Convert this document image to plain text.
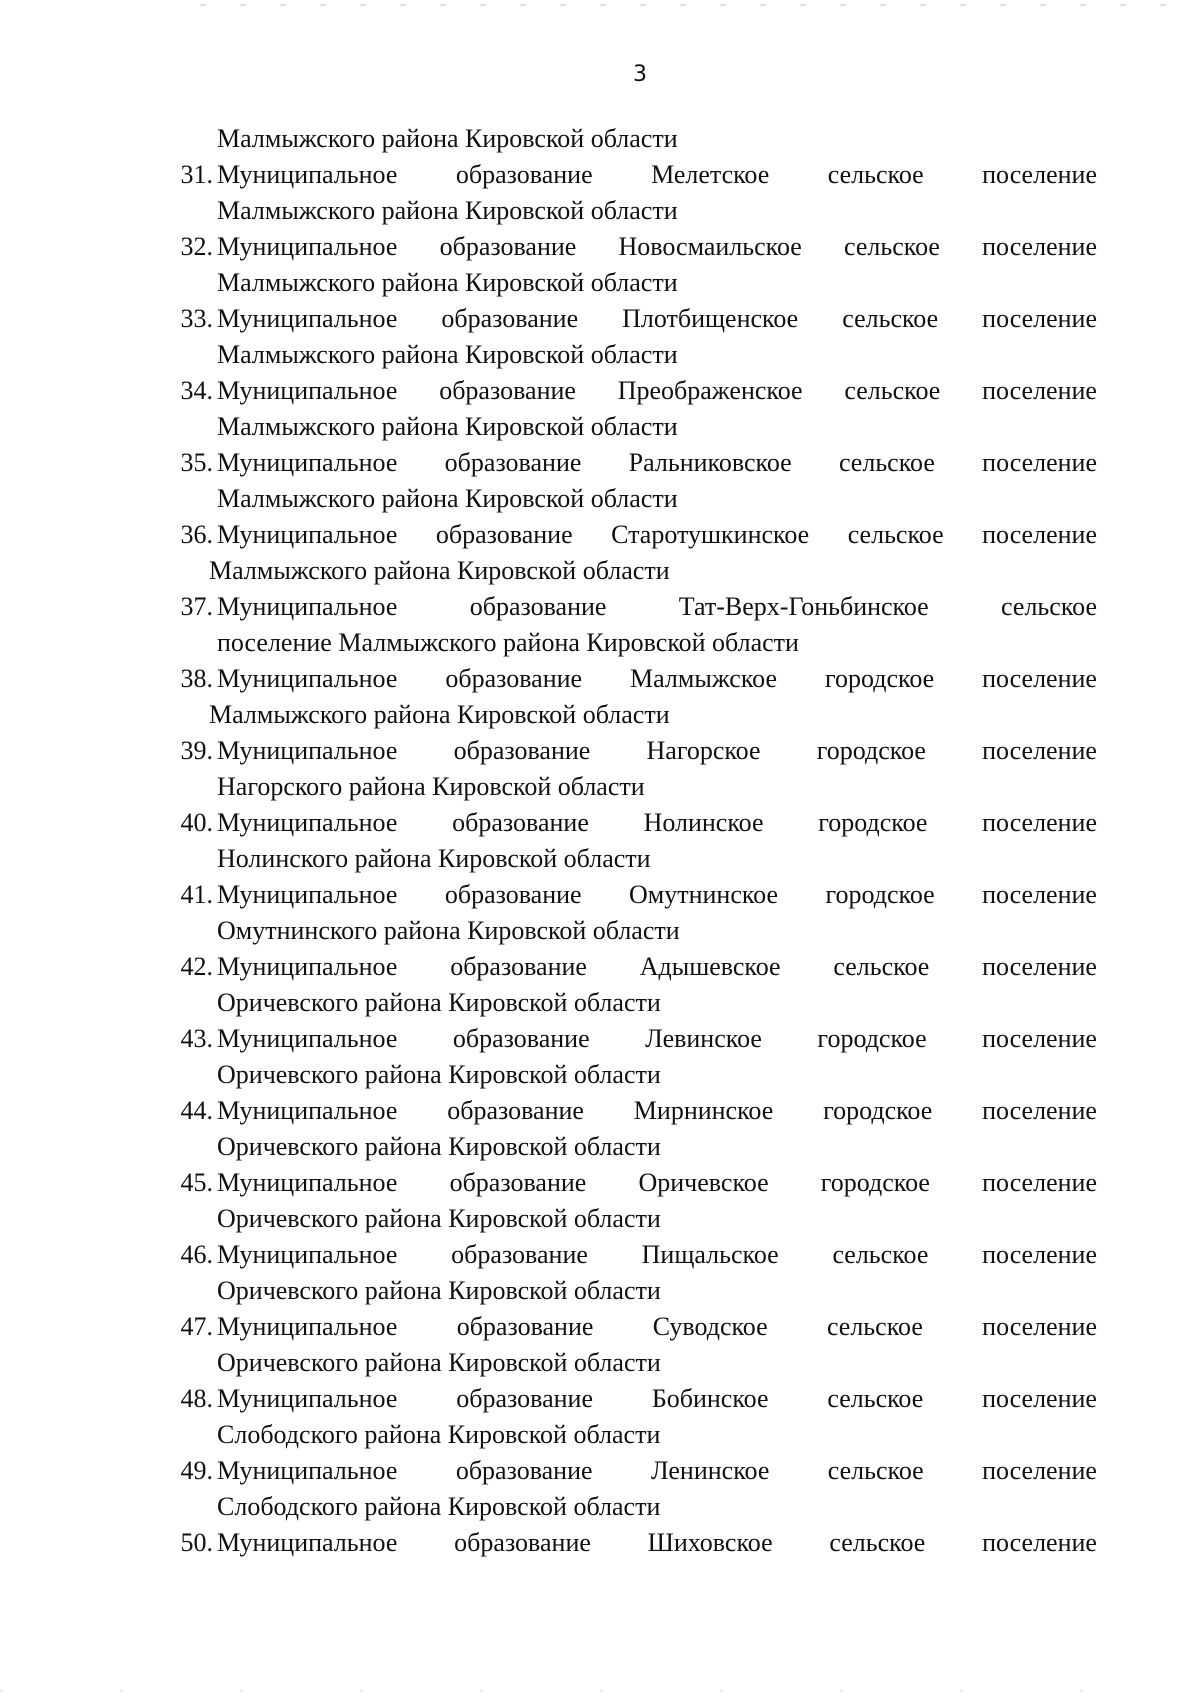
3
Малмыжского района Кировской области
31. Муниципальное образование Мелетское сельское поселение
Малмыжского района Кировской области
32. Муниципальное образование Новосмаильское сельское поселение
Малмыжского района Кировской области
33. Муниципальное образование Плотбищенское сельское поселение
Малмыжского района Кировской области
34. Муниципальное образование Преображенское сельское поселение
Малмыжского района Кировской области
35. Муниципальное образование Ральниковское сельское поселение
Малмыжского района Кировской области
36. Муниципальное образование Старотушкинское сельское поселение
Малмыжского района Кировской области
37. Муниципальное	образование	Тат-Верх-Гоньбинское	сельское
поселение Малмыжского района Кировской области
38. Муниципальное образование Малмыжское городское поселение
Малмыжского района Кировской области
39. Муниципальное образование Нагорское городское поселение
Нагорского района Кировской области
40. Муниципальное образование Нолинское городское поселение
Нолинского района Кировской области
41. Муниципальное образование Омутнинское городское поселение
Омутнинского района Кировской области
42. Муниципальное образование Адышевское сельское поселение
Оричевского района Кировской области
43. Муниципальное образование Левинское городское поселение
Оричевского района Кировской области
44. Муниципальное образование Мирнинское городское поселение
Оричевского района Кировской области
45. Муниципальное образование Оричевское городское поселение
Оричевского района Кировской области
46. Муниципальное образование Пищальское сельское поселение
Оричевского района Кировской области
47. Муниципальное образование Суводское сельское поселение
Оричевского района Кировской области
48. Муниципальное образование Бобинское сельское поселение
Слободского района Кировской области
49. Муниципальное образование Ленинское сельское поселение
Слободского района Кировской области
50. Муниципальное образование Шиховское сельское поселение
